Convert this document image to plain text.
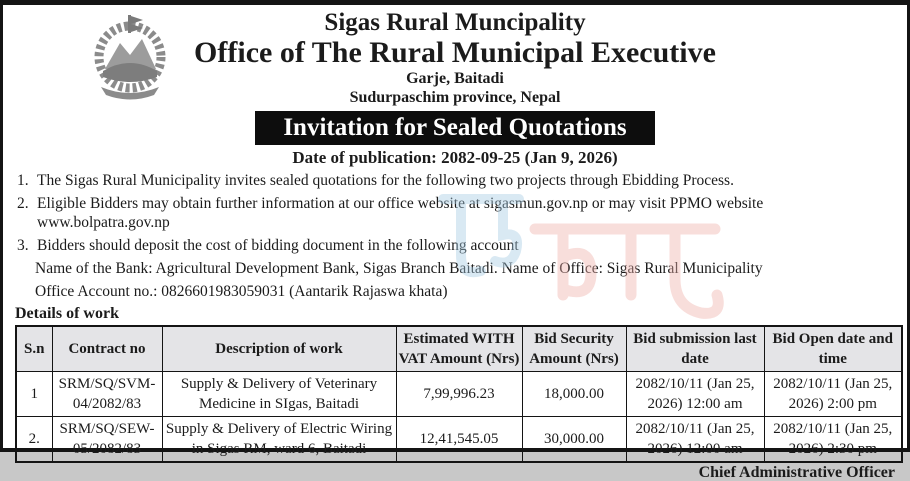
Sigas Rural Muncipality
Office of The Rural Municipal Executive
Garje, Baitadi
Sudurpaschim province, Nepal
Invitation for Sealed Quotations
Date of publication: 2082-09-25 (Jan 9, 2026)
1. The Sigas Rural Municipality invites sealed quotations for the following two projects through Ebidding Process.
2. Eligible Bidders may obtain further information at our office website at sigasmun.gov.np or may visit PPMO website www.bolpatra.gov.np
3. Bidders should deposit the cost of bidding document in the following account
Name of the Bank: Agricultural Development Bank, Sigas Branch Baitadi. Name of Office: Sigas Rural Municipality
Office Account no.: 0826601983059031 (Aantarik Rajaswa khata)
Details of work
S.n	Contract no	Description of work	Estimated WITH VAT Amount (Nrs)	Bid Security Amount (Nrs)	Bid submission last date	Bid Open date and time
1	SRM/SQ/SVM-04/2082/83	Supply & Delivery of Veterinary Medicine in SIgas, Baitadi	7,99,996.23	18,000.00	2082/10/11 (Jan 25, 2026) 12:00 am	2082/10/11 (Jan 25, 2026) 2:00 pm
2.	SRM/SQ/SEW-05/2082/83	Supply & Delivery of Electric Wiring in Sigas RM, ward 6, Baitadi	12,41,545.05	30,000.00	2082/10/11 (Jan 25, 2026) 12:00 am	2082/10/11 (Jan 25, 2026) 2:30 pm
Chief Administrative Officer
